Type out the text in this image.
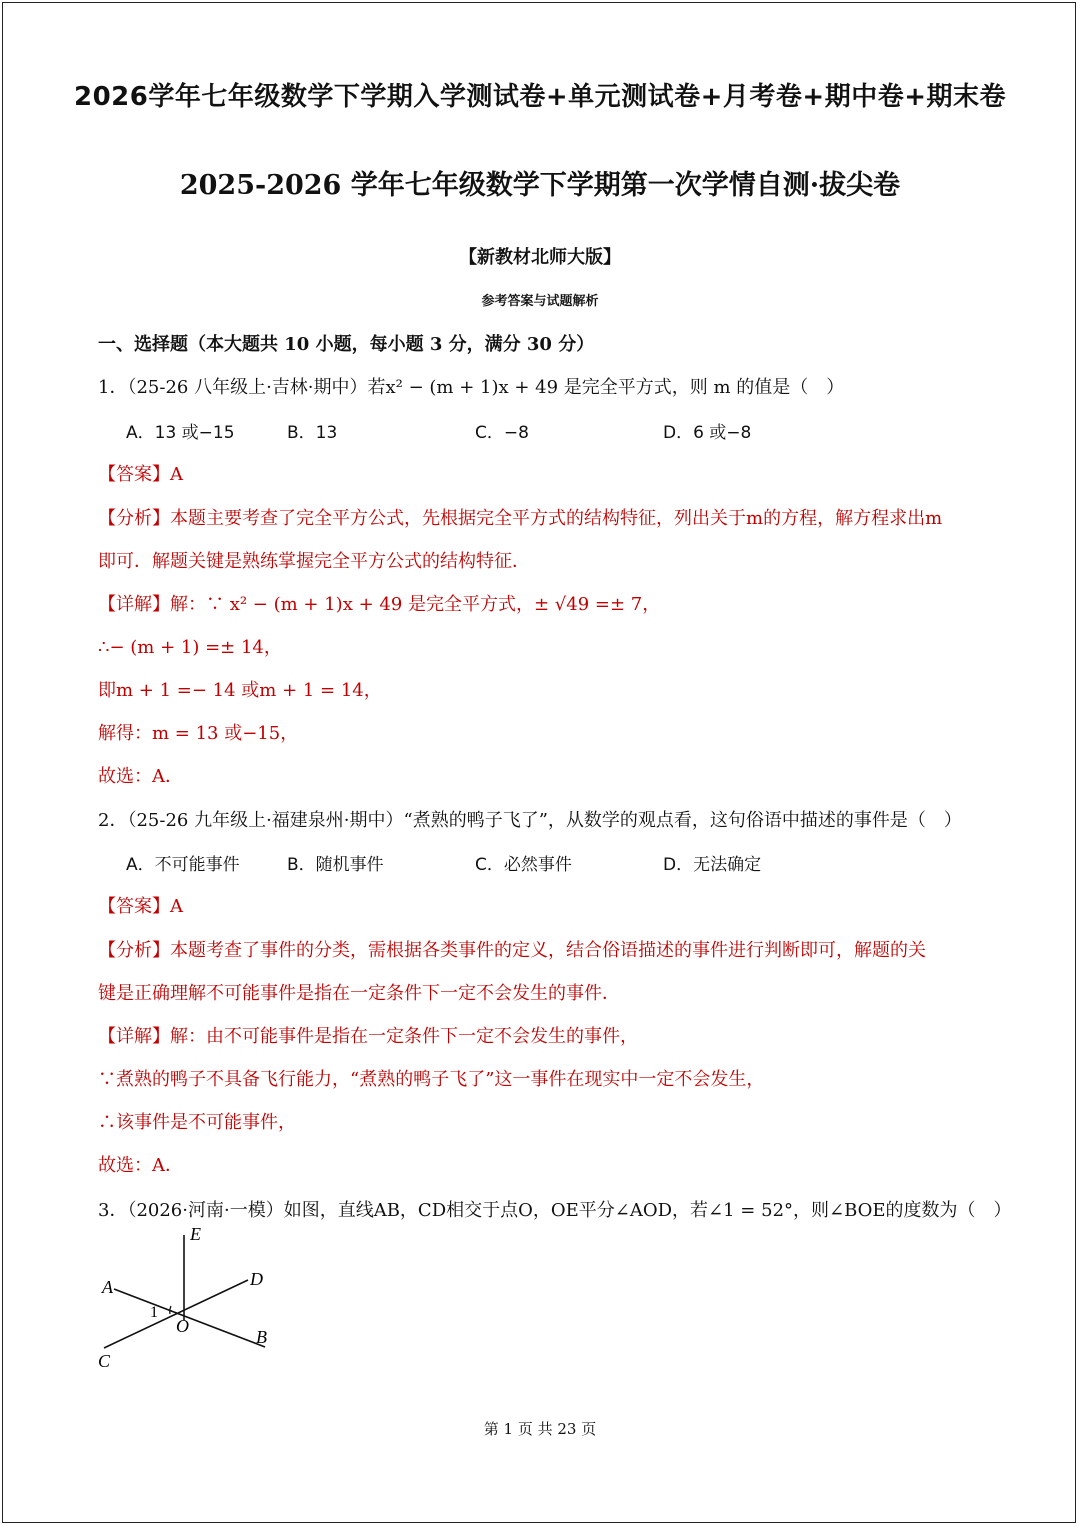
2026学年七年级数学下学期入学测试卷+单元测试卷+月考卷+期中卷+期末卷
2025-2026 学年七年级数学下学期第一次学情自测·拔尖卷
【新教材北师大版】
参考答案与试题解析
一、选择题（本大题共 10 小题，每小题 3 分，满分 30 分）
1．（25-26 八年级上·吉林·期中）若x² − (m + 1)x + 49 是完全平方式，则 m 的值是（　）
A．13 或−15	B．13	C．−8	D．6 或−8
【答案】A
【分析】本题主要考查了完全平方公式，先根据完全平方式的结构特征，列出关于m的方程，解方程求出m
即可．解题关键是熟练掌握完全平方公式的结构特征．
【详解】解：∵ x² − (m + 1)x + 49 是完全平方式，± √49 =± 7，
∴− (m + 1) =± 14，
即m + 1 =− 14 或m + 1 = 14，
解得：m = 13 或−15，
故选：A．
2．（25-26 九年级上·福建泉州·期中）“煮熟的鸭子飞了”，从数学的观点看，这句俗语中描述的事件是（　）
A．不可能事件	B．随机事件	C．必然事件	D．无法确定
【答案】A
【分析】本题考查了事件的分类，需根据各类事件的定义，结合俗语描述的事件进行判断即可，解题的关
键是正确理解不可能事件是指在一定条件下一定不会发生的事件．
【详解】解：由不可能事件是指在一定条件下一定不会发生的事件，
∵煮熟的鸭子不具备飞行能力，“煮熟的鸭子飞了”这一事件在现实中一定不会发生，
∴该事件是不可能事件，
故选：A．
3．（2026·河南·一模）如图，直线AB，CD相交于点O，OE平分∠AOD，若∠1 = 52°，则∠BOE的度数为（　）
E
D
A
1
O
B
C
第 1 页 共 23 页
